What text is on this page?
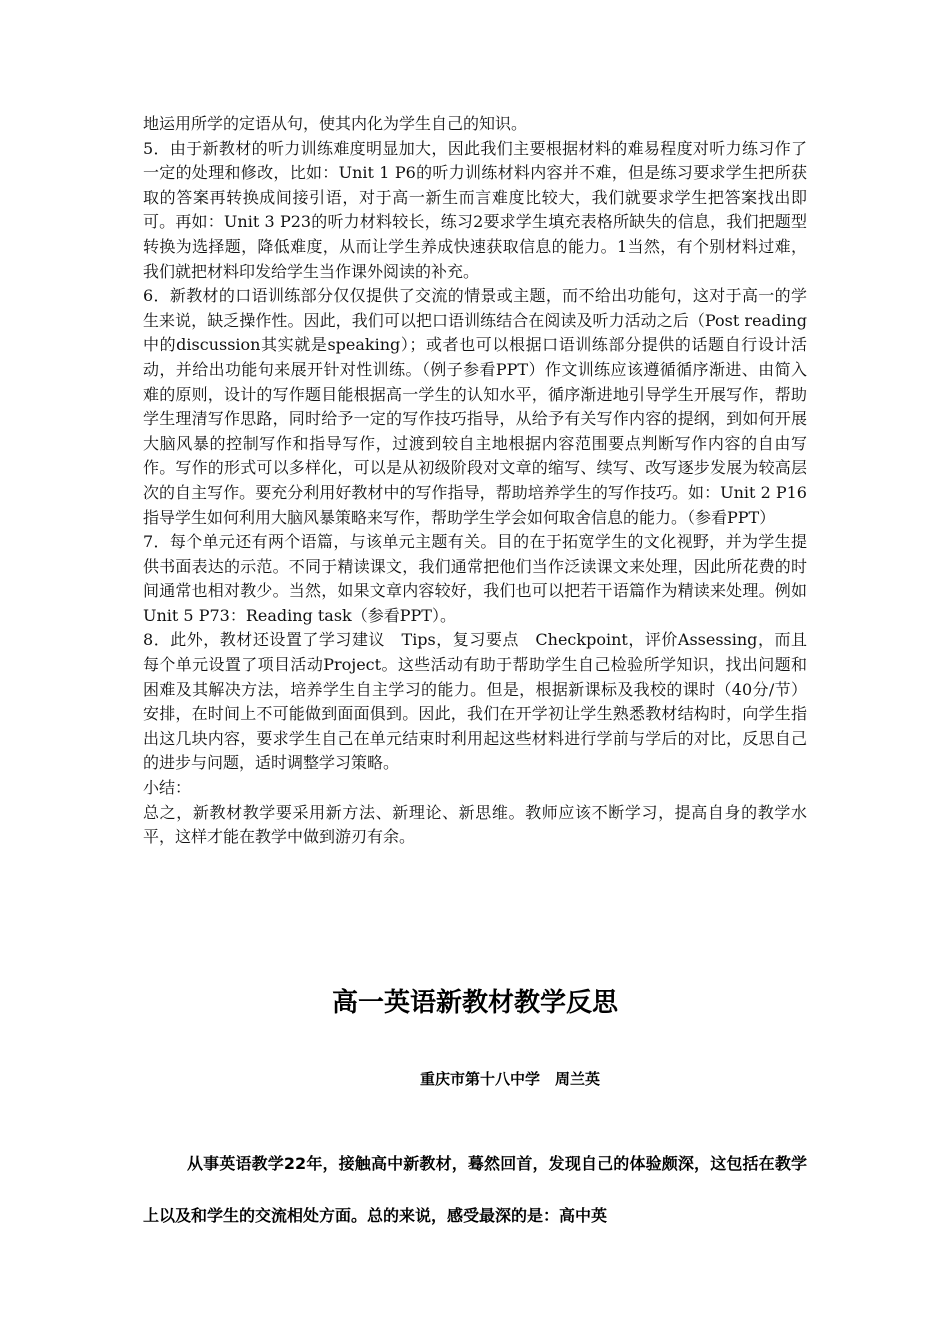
地运用所学的定语从句，使其内化为学生自己的知识。

5．由于新教材的听力训练难度明显加大，因此我们主要根据材料的难易程度对听力练习作了一定的处理和修改，比如：Unit 1 P6的听力训练材料内容并不难，但是练习要求学生把所获取的答案再转换成间接引语，对于高一新生而言难度比较大，我们就要求学生把答案找出即可。再如：Unit 3 P23的听力材料较长，练习2要求学生填充表格所缺失的信息，我们把题型转换为选择题，降低难度，从而让学生养成快速获取信息的能力。1当然，有个别材料过难，我们就把材料印发给学生当作课外阅读的补充。

6．新教材的口语训练部分仅仅提供了交流的情景或主题，而不给出功能句，这对于高一的学生来说，缺乏操作性。因此，我们可以把口语训练结合在阅读及听力活动之后（Post reading中的discussion其实就是speaking）；或者也可以根据口语训练部分提供的话题自行设计活动，并给出功能句来展开针对性训练。（例子参看PPT）作文训练应该遵循循序渐进、由简入难的原则，设计的写作题目能根据高一学生的认知水平，循序渐进地引导学生开展写作，帮助学生理清写作思路，同时给予一定的写作技巧指导，从给予有关写作内容的提纲，到如何开展大脑风暴的控制写作和指导写作，过渡到较自主地根据内容范围要点判断写作内容的自由写作。写作的形式可以多样化，可以是从初级阶段对文章的缩写、续写、改写逐步发展为较高层次的自主写作。要充分利用好教材中的写作指导，帮助培养学生的写作技巧。如：Unit 2 P16指导学生如何利用大脑风暴策略来写作，帮助学生学会如何取舍信息的能力。（参看PPT）

7．每个单元还有两个语篇，与该单元主题有关。目的在于拓宽学生的文化视野，并为学生提供书面表达的示范。不同于精读课文，我们通常把他们当作泛读课文来处理，因此所花费的时间通常也相对教少。当然，如果文章内容较好，我们也可以把若干语篇作为精读来处理。例如Unit 5 P73：Reading task（参看PPT）。

8．此外，教材还设置了学习建议　Tips，复习要点　Checkpoint，评价Assessing，而且每个单元设置了项目活动Project。这些活动有助于帮助学生自己检验所学知识，找出问题和困难及其解决方法，培养学生自主学习的能力。但是，根据新课标及我校的课时（40分/节）安排，在时间上不可能做到面面俱到。因此，我们在开学初让学生熟悉教材结构时，向学生指出这几块内容，要求学生自己在单元结束时利用起这些材料进行学前与学后的对比，反思自己的进步与问题，适时调整学习策略。

小结：

总之，新教材教学要采用新方法、新理论、新思维。教师应该不断学习，提高自身的教学水平，这样才能在教学中做到游刃有余。

高一英语新教材教学反思

重庆市第十八中学　周兰英

从事英语教学22年，接触高中新教材，蓦然回首，发现自己的体验颇深，这包括在教学上以及和学生的交流相处方面。总的来说，感受最深的是：高中英
